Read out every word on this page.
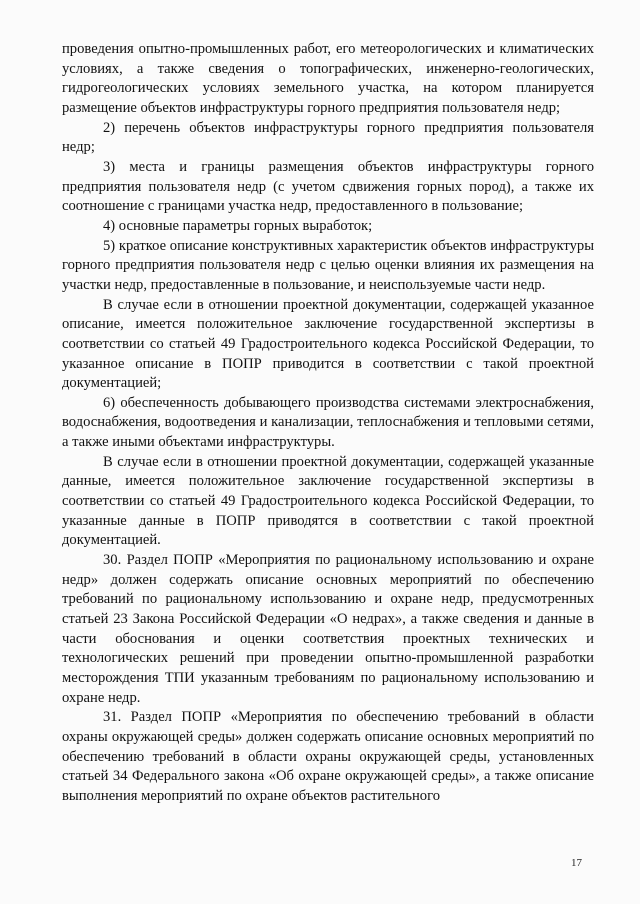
проведения опытно-промышленных работ, его метеорологических и климатических условиях, а также сведения о топографических, инженерно-геологических, гидрогеологических условиях земельного участка, на котором планируется размещение объектов инфраструктуры горного предприятия пользователя недр;

2) перечень объектов инфраструктуры горного предприятия пользователя недр;

3) места и границы размещения объектов инфраструктуры горного предприятия пользователя недр (с учетом сдвижения горных пород), а также их соотношение с границами участка недр, предоставленного в пользование;

4) основные параметры горных выработок;

5) краткое описание конструктивных характеристик объектов инфраструктуры горного предприятия пользователя недр с целью оценки влияния их размещения на участки недр, предоставленные в пользование, и неиспользуемые части недр.

В случае если в отношении проектной документации, содержащей указанное описание, имеется положительное заключение государственной экспертизы в соответствии со статьей 49 Градостроительного кодекса Российской Федерации, то указанное описание в ПОПР приводится в соответствии с такой проектной документацией;

6) обеспеченность добывающего производства системами электроснабжения, водоснабжения, водоотведения и канализации, теплоснабжения и тепловыми сетями, а также иными объектами инфраструктуры.

В случае если в отношении проектной документации, содержащей указанные данные, имеется положительное заключение государственной экспертизы в соответствии со статьей 49 Градостроительного кодекса Российской Федерации, то указанные данные в ПОПР приводятся в соответствии с такой проектной документацией.

30. Раздел ПОПР «Мероприятия по рациональному использованию и охране недр» должен содержать описание основных мероприятий по обеспечению требований по рациональному использованию и охране недр, предусмотренных статьей 23 Закона Российской Федерации «О недрах», а также сведения и данные в части обоснования и оценки соответствия проектных технических и технологических решений при проведении опытно-промышленной разработки месторождения ТПИ указанным требованиям по рациональному использованию и охране недр.

31. Раздел ПОПР «Мероприятия по обеспечению требований в области охраны окружающей среды» должен содержать описание основных мероприятий по обеспечению требований в области охраны окружающей среды, установленных статьей 34 Федерального закона «Об охране окружающей среды», а также описание выполнения мероприятий по охране объектов растительного

17
